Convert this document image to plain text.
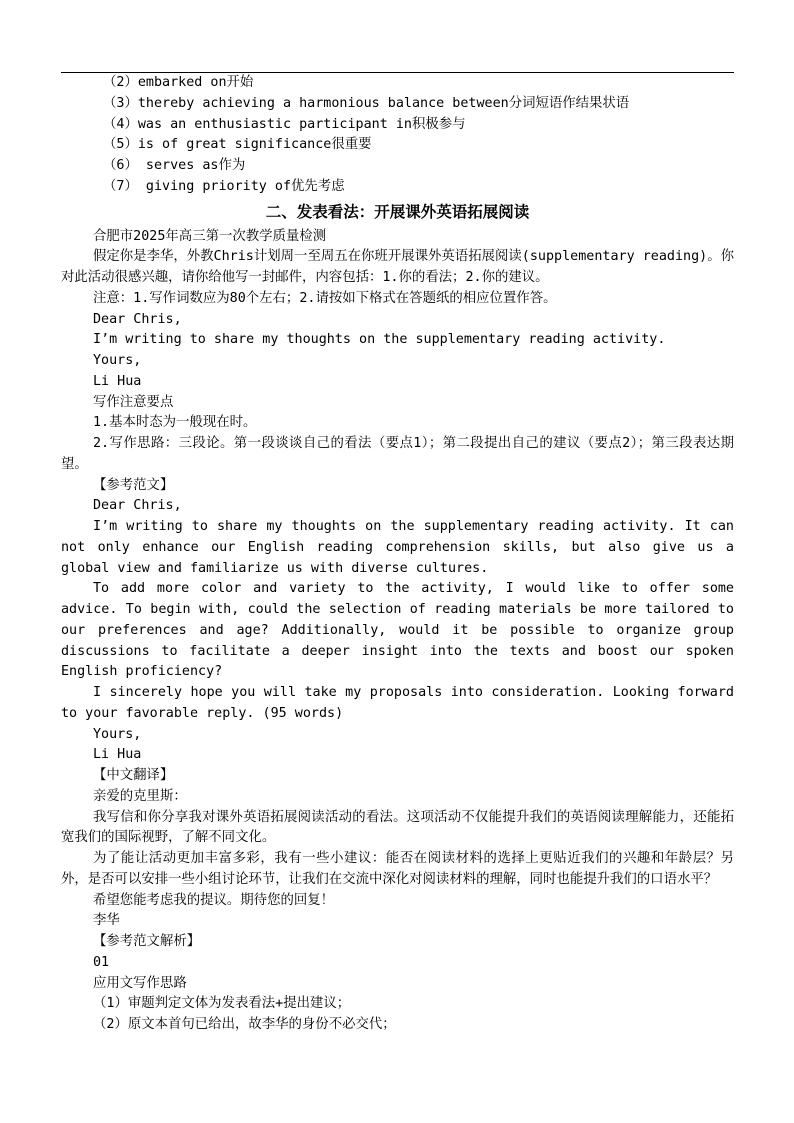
（2）embarked on开始
（3）thereby achieving a harmonious balance between分词短语作结果状语
（4）was an enthusiastic participant in积极参与
（5）is of great significance很重要
（6） serves as作为
（7） giving priority of优先考虑
二、发表看法：开展课外英语拓展阅读

合肥市2025年高三第一次教学质量检测

假定你是李华，外教Chris计划周一至周五在你班开展课外英语拓展阅读(supplementary reading)。你对此活动很感兴趣，请你给他写一封邮件，内容包括：1.你的看法；2.你的建议。

注意：1.写作词数应为80个左右；2.请按如下格式在答题纸的相应位置作答。

Dear Chris,

I’m writing to share my thoughts on the supplementary reading activity.

Yours,

Li Hua

写作注意要点

1.基本时态为一般现在时。

2.写作思路：三段论。第一段谈谈自己的看法（要点1）；第二段提出自己的建议（要点2）；第三段表达期望。

【参考范文】

Dear Chris,

I’m writing to share my thoughts on the supplementary reading activity. It can not only enhance our English reading comprehension skills, but also give us a global view and familiarize us with diverse cultures.

To add more color and variety to the activity, I would like to offer some advice. To begin with, could the selection of reading materials be more tailored to our preferences and age? Additionally, would it be possible to organize group discussions to facilitate a deeper insight into the texts and boost our spoken English proficiency?

I sincerely hope you will take my proposals into consideration. Looking forward to your favorable reply. (95 words)

Yours,

Li Hua

【中文翻译】

亲爱的克里斯：

我写信和你分享我对课外英语拓展阅读活动的看法。这项活动不仅能提升我们的英语阅读理解能力，还能拓宽我们的国际视野，了解不同文化。

为了能让活动更加丰富多彩，我有一些小建议：能否在阅读材料的选择上更贴近我们的兴趣和年龄层？另外，是否可以安排一些小组讨论环节，让我们在交流中深化对阅读材料的理解，同时也能提升我们的口语水平？

希望您能考虑我的提议。期待您的回复！

李华

【参考范文解析】

01

应用文写作思路

（1）审题判定文体为发表看法+提出建议；

（2）原文本首句已给出，故李华的身份不必交代；
